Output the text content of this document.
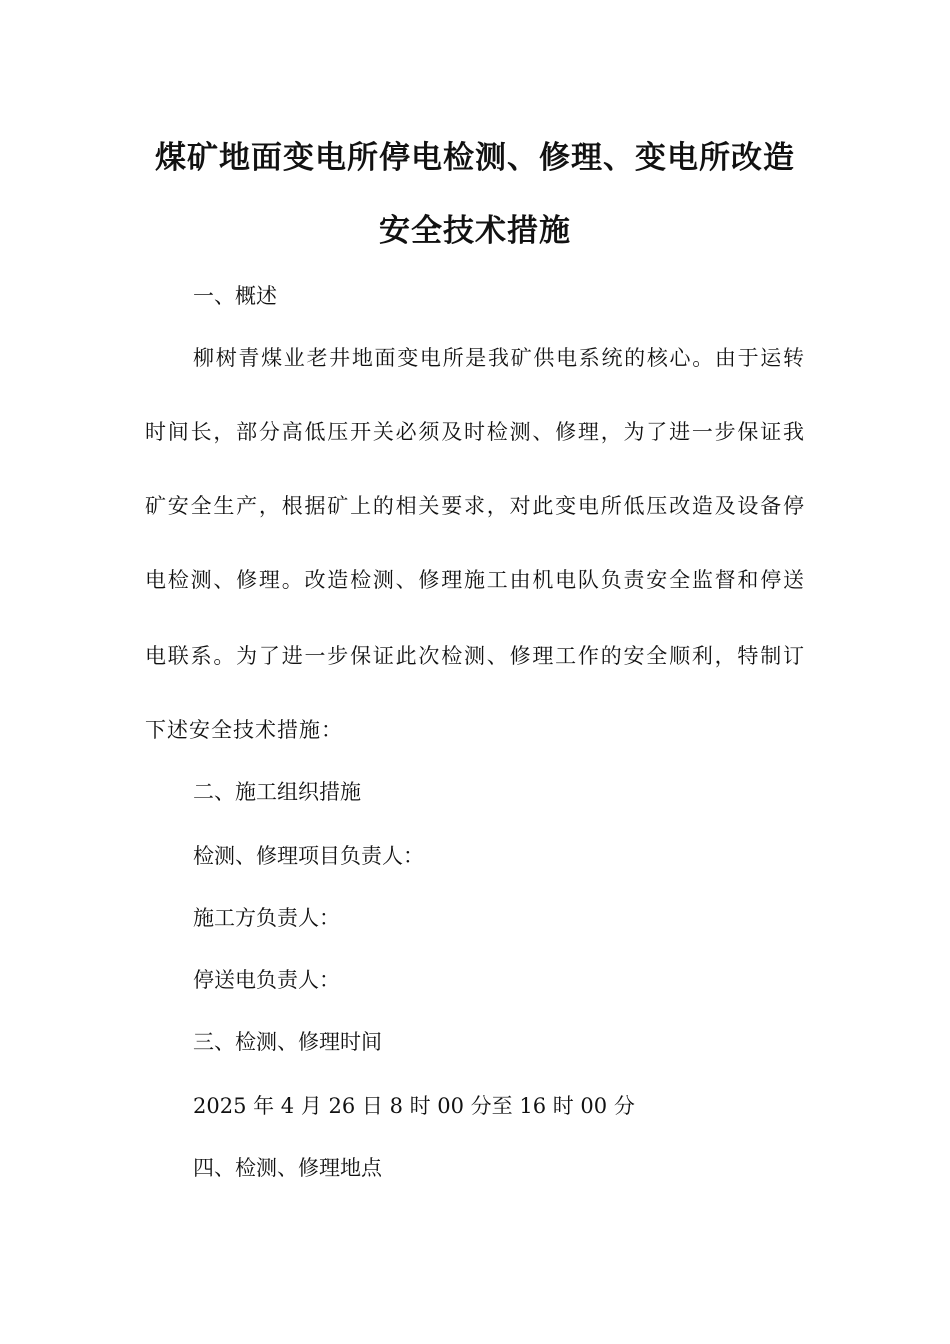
煤矿地面变电所停电检测、修理、变电所改造
安全技术措施
一、概述
柳树青煤业老井地面变电所是我矿供电系统的核心。由于运转
时间长，部分高低压开关必须及时检测、修理，为了进一步保证我
矿安全生产，根据矿上的相关要求，对此变电所低压改造及设备停
电检测、修理。改造检测、修理施工由机电队负责安全监督和停送
电联系。为了进一步保证此次检测、修理工作的安全顺利，特制订
下述安全技术措施：
二、施工组织措施
检测、修理项目负责人：
施工方负责人：
停送电负责人：
三、检测、修理时间
2025 年 4 月 26 日 8 时 00 分至 16 时 00 分
四、检测、修理地点
